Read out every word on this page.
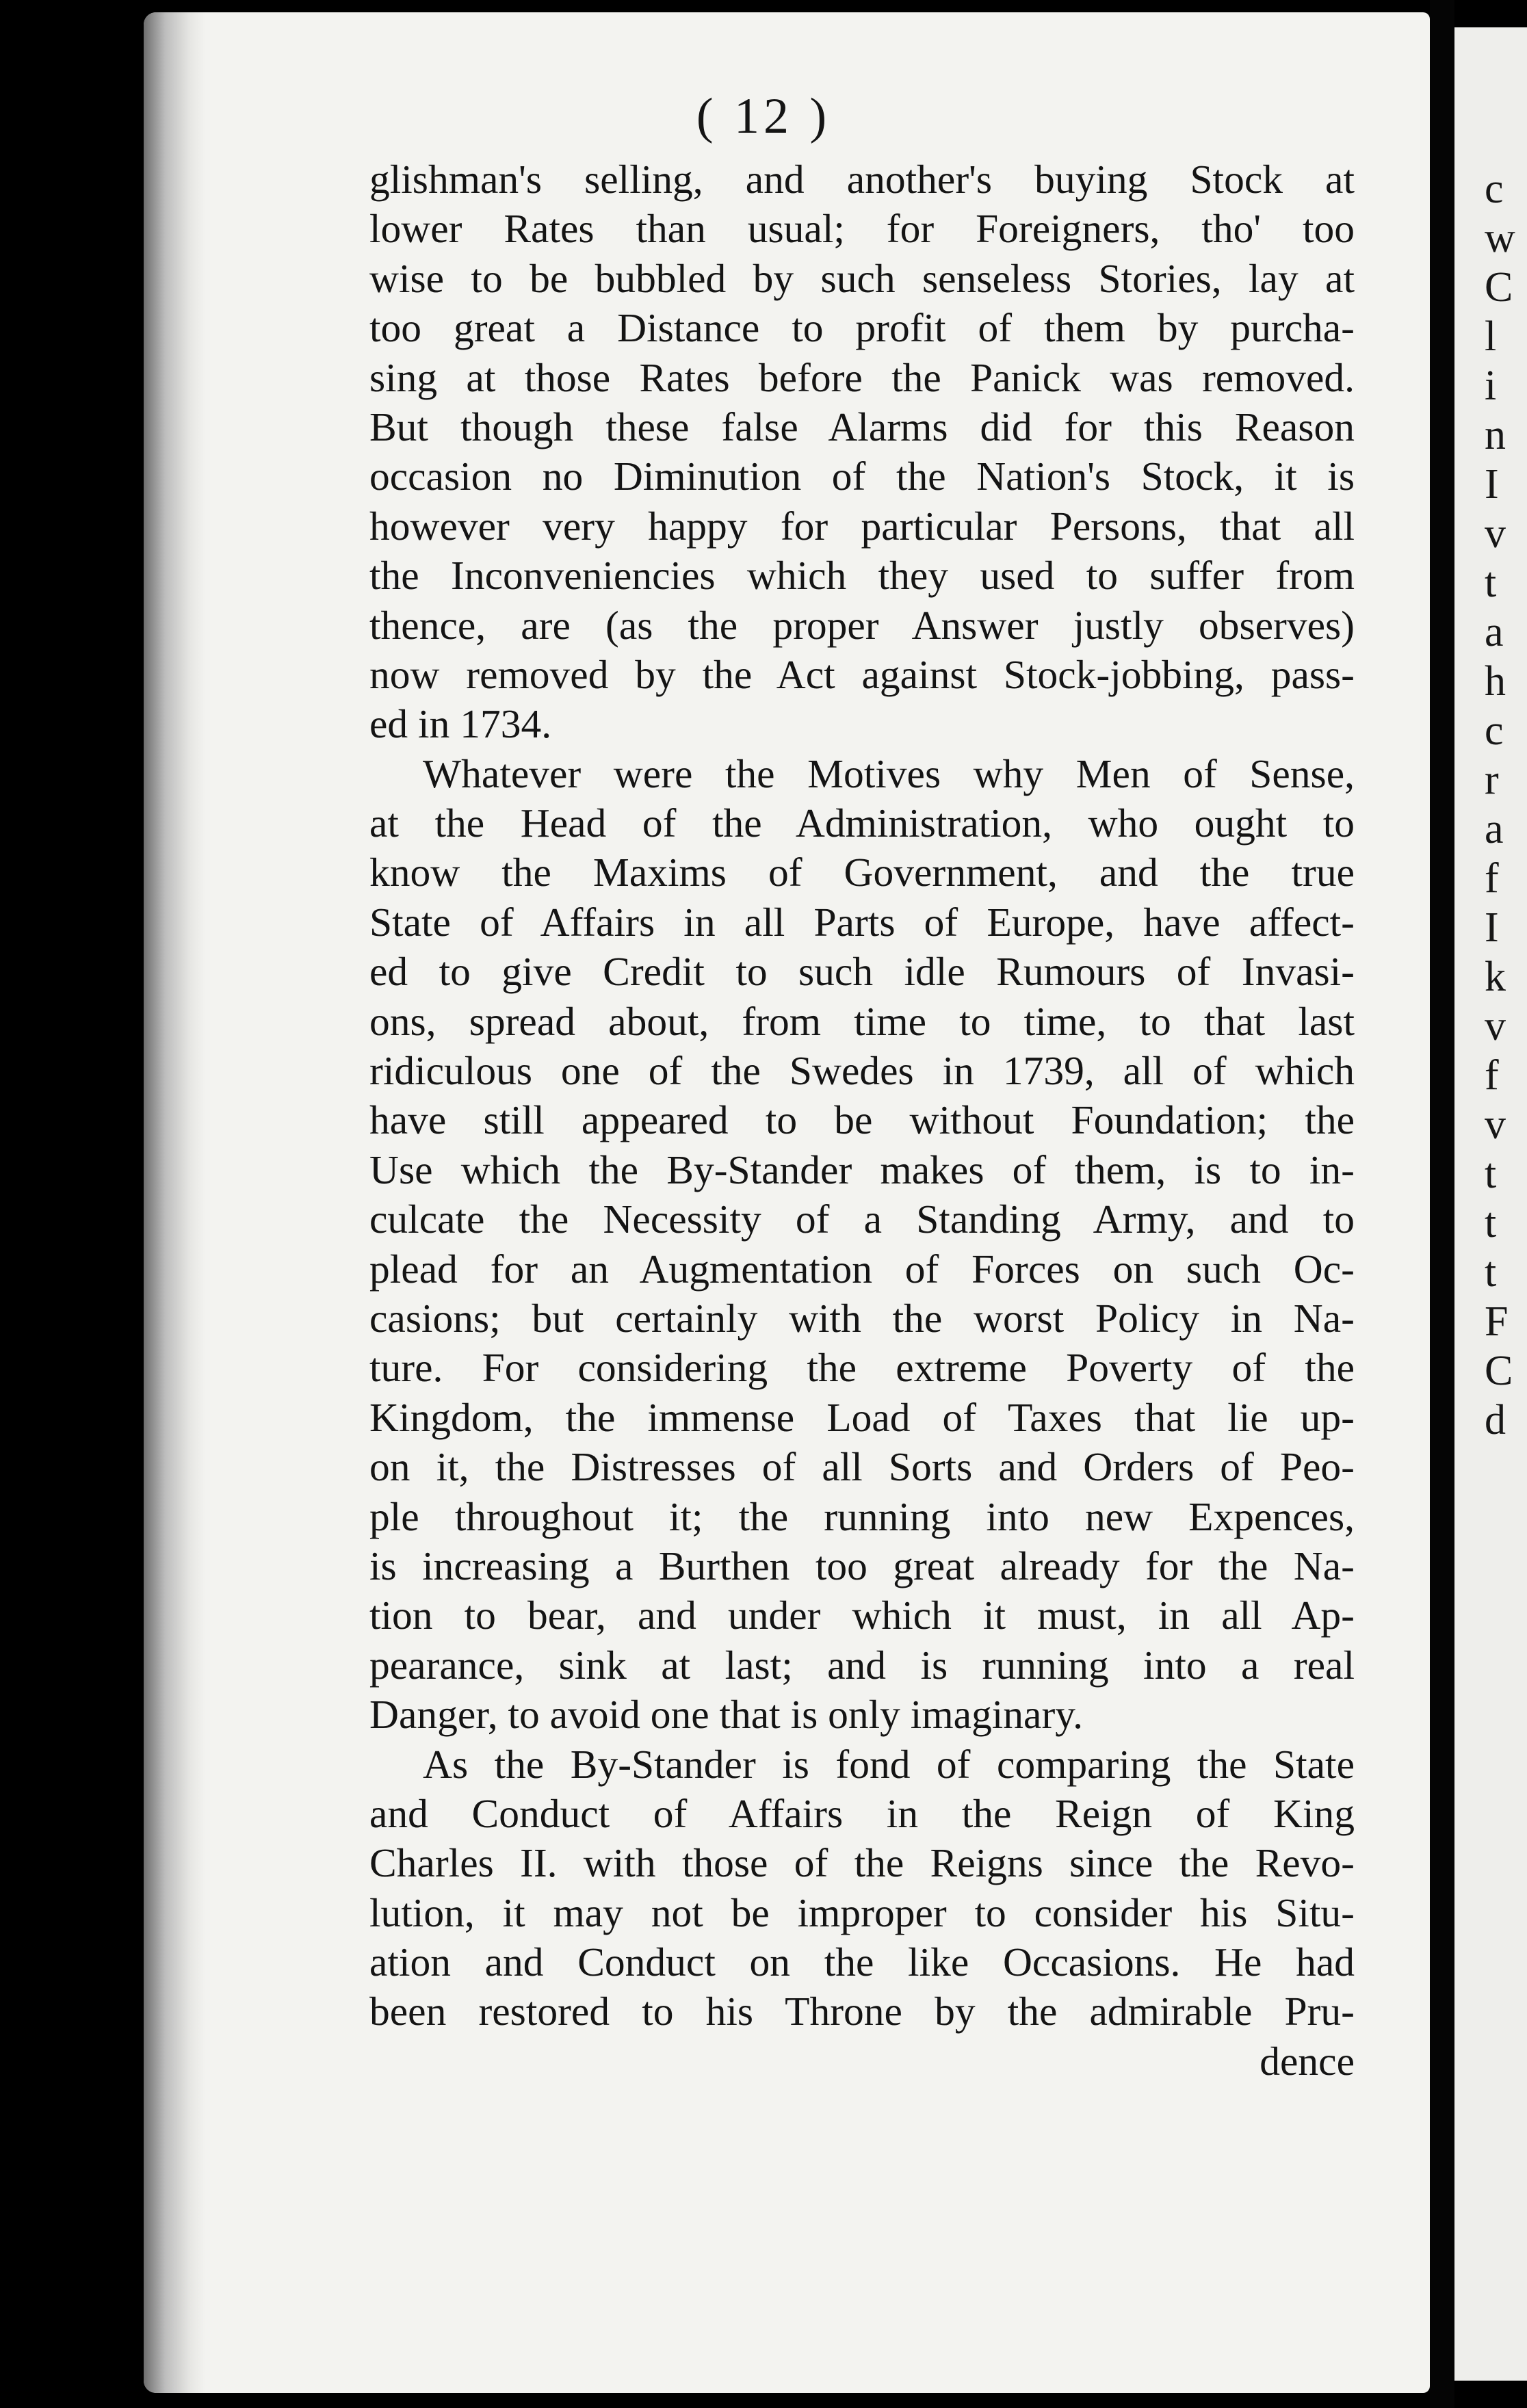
c
w
C
l
i
n
I
v
t
a
h
c
r
a
f
I
k
v
f
v
t
t
t
F
C
d
( 12 )
glishman's selling, and another's buying Stock at
lower Rates than usual; for Foreigners, tho' too
wise to be bubbled by such senseless Stories, lay at
too great a Distance to profit of them by purcha-
sing at those Rates before the Panick was removed.
But though these false Alarms did for this Reason
occasion no Diminution of the Nation's Stock, it is
however very happy for particular Persons, that all
the Inconveniencies which they used to suffer from
thence, are (as the proper Answer justly observes)
now removed by the Act against Stock-jobbing, pass-
ed in 1734.
Whatever were the Motives why Men of Sense,
at the Head of the Administration, who ought to
know the Maxims of Government, and the true
State of Affairs in all Parts of Europe, have affect-
ed to give Credit to such idle Rumours of Invasi-
ons, spread about, from time to time, to that last
ridiculous one of the Swedes in 1739, all of which
have still appeared to be without Foundation; the
Use which the By-Stander makes of them, is to in-
culcate the Necessity of a Standing Army, and to
plead for an Augmentation of Forces on such Oc-
casions; but certainly with the worst Policy in Na-
ture. For considering the extreme Poverty of the
Kingdom, the immense Load of Taxes that lie up-
on it, the Distresses of all Sorts and Orders of Peo-
ple throughout it; the running into new Expences,
is increasing a Burthen too great already for the Na-
tion to bear, and under which it must, in all Ap-
pearance, sink at last; and is running into a real
Danger, to avoid one that is only imaginary.
As the By-Stander is fond of comparing the State
and Conduct of Affairs in the Reign of King
Charles II. with those of the Reigns since the Revo-
lution, it may not be improper to consider his Situ-
ation and Conduct on the like Occasions. He had
been restored to his Throne by the admirable Pru-
dence
